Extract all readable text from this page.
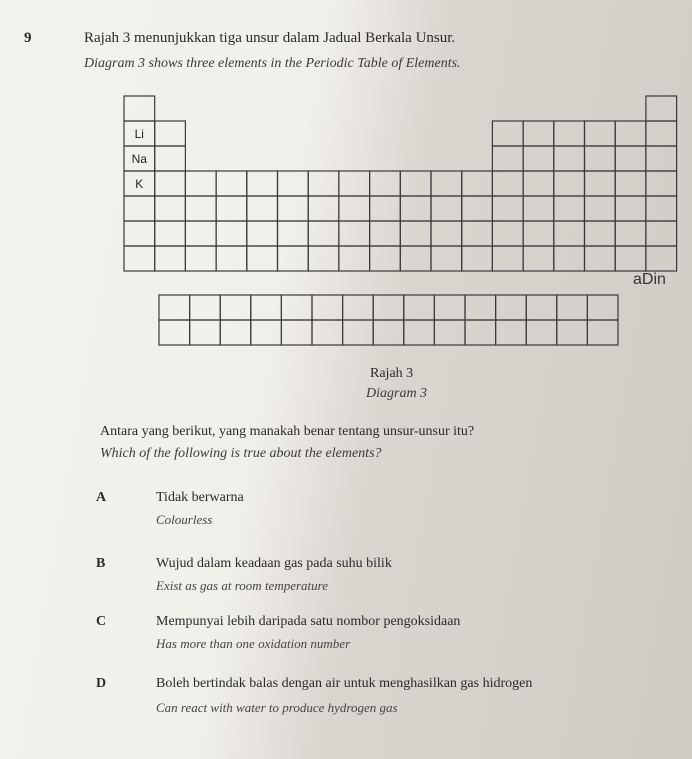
9	Rajah 3 menunjukkan tiga unsur dalam Jadual Berkala Unsur.
Diagram 3 shows three elements in the Periodic Table of Elements.
Li
Na
K
aDin
Rajah 3
Diagram 3
Antara yang berikut, yang manakah benar tentang unsur-unsur itu?
Which of the following is true about the elements?
A	Tidak berwarna
Colourless
B	Wujud dalam keadaan gas pada suhu bilik
Exist as gas at room temperature
C	Mempunyai lebih daripada satu nombor pengoksidaan
Has more than one oxidation number
D	Boleh bertindak balas dengan air untuk menghasilkan gas hidrogen
Can react with water to produce hydrogen gas
